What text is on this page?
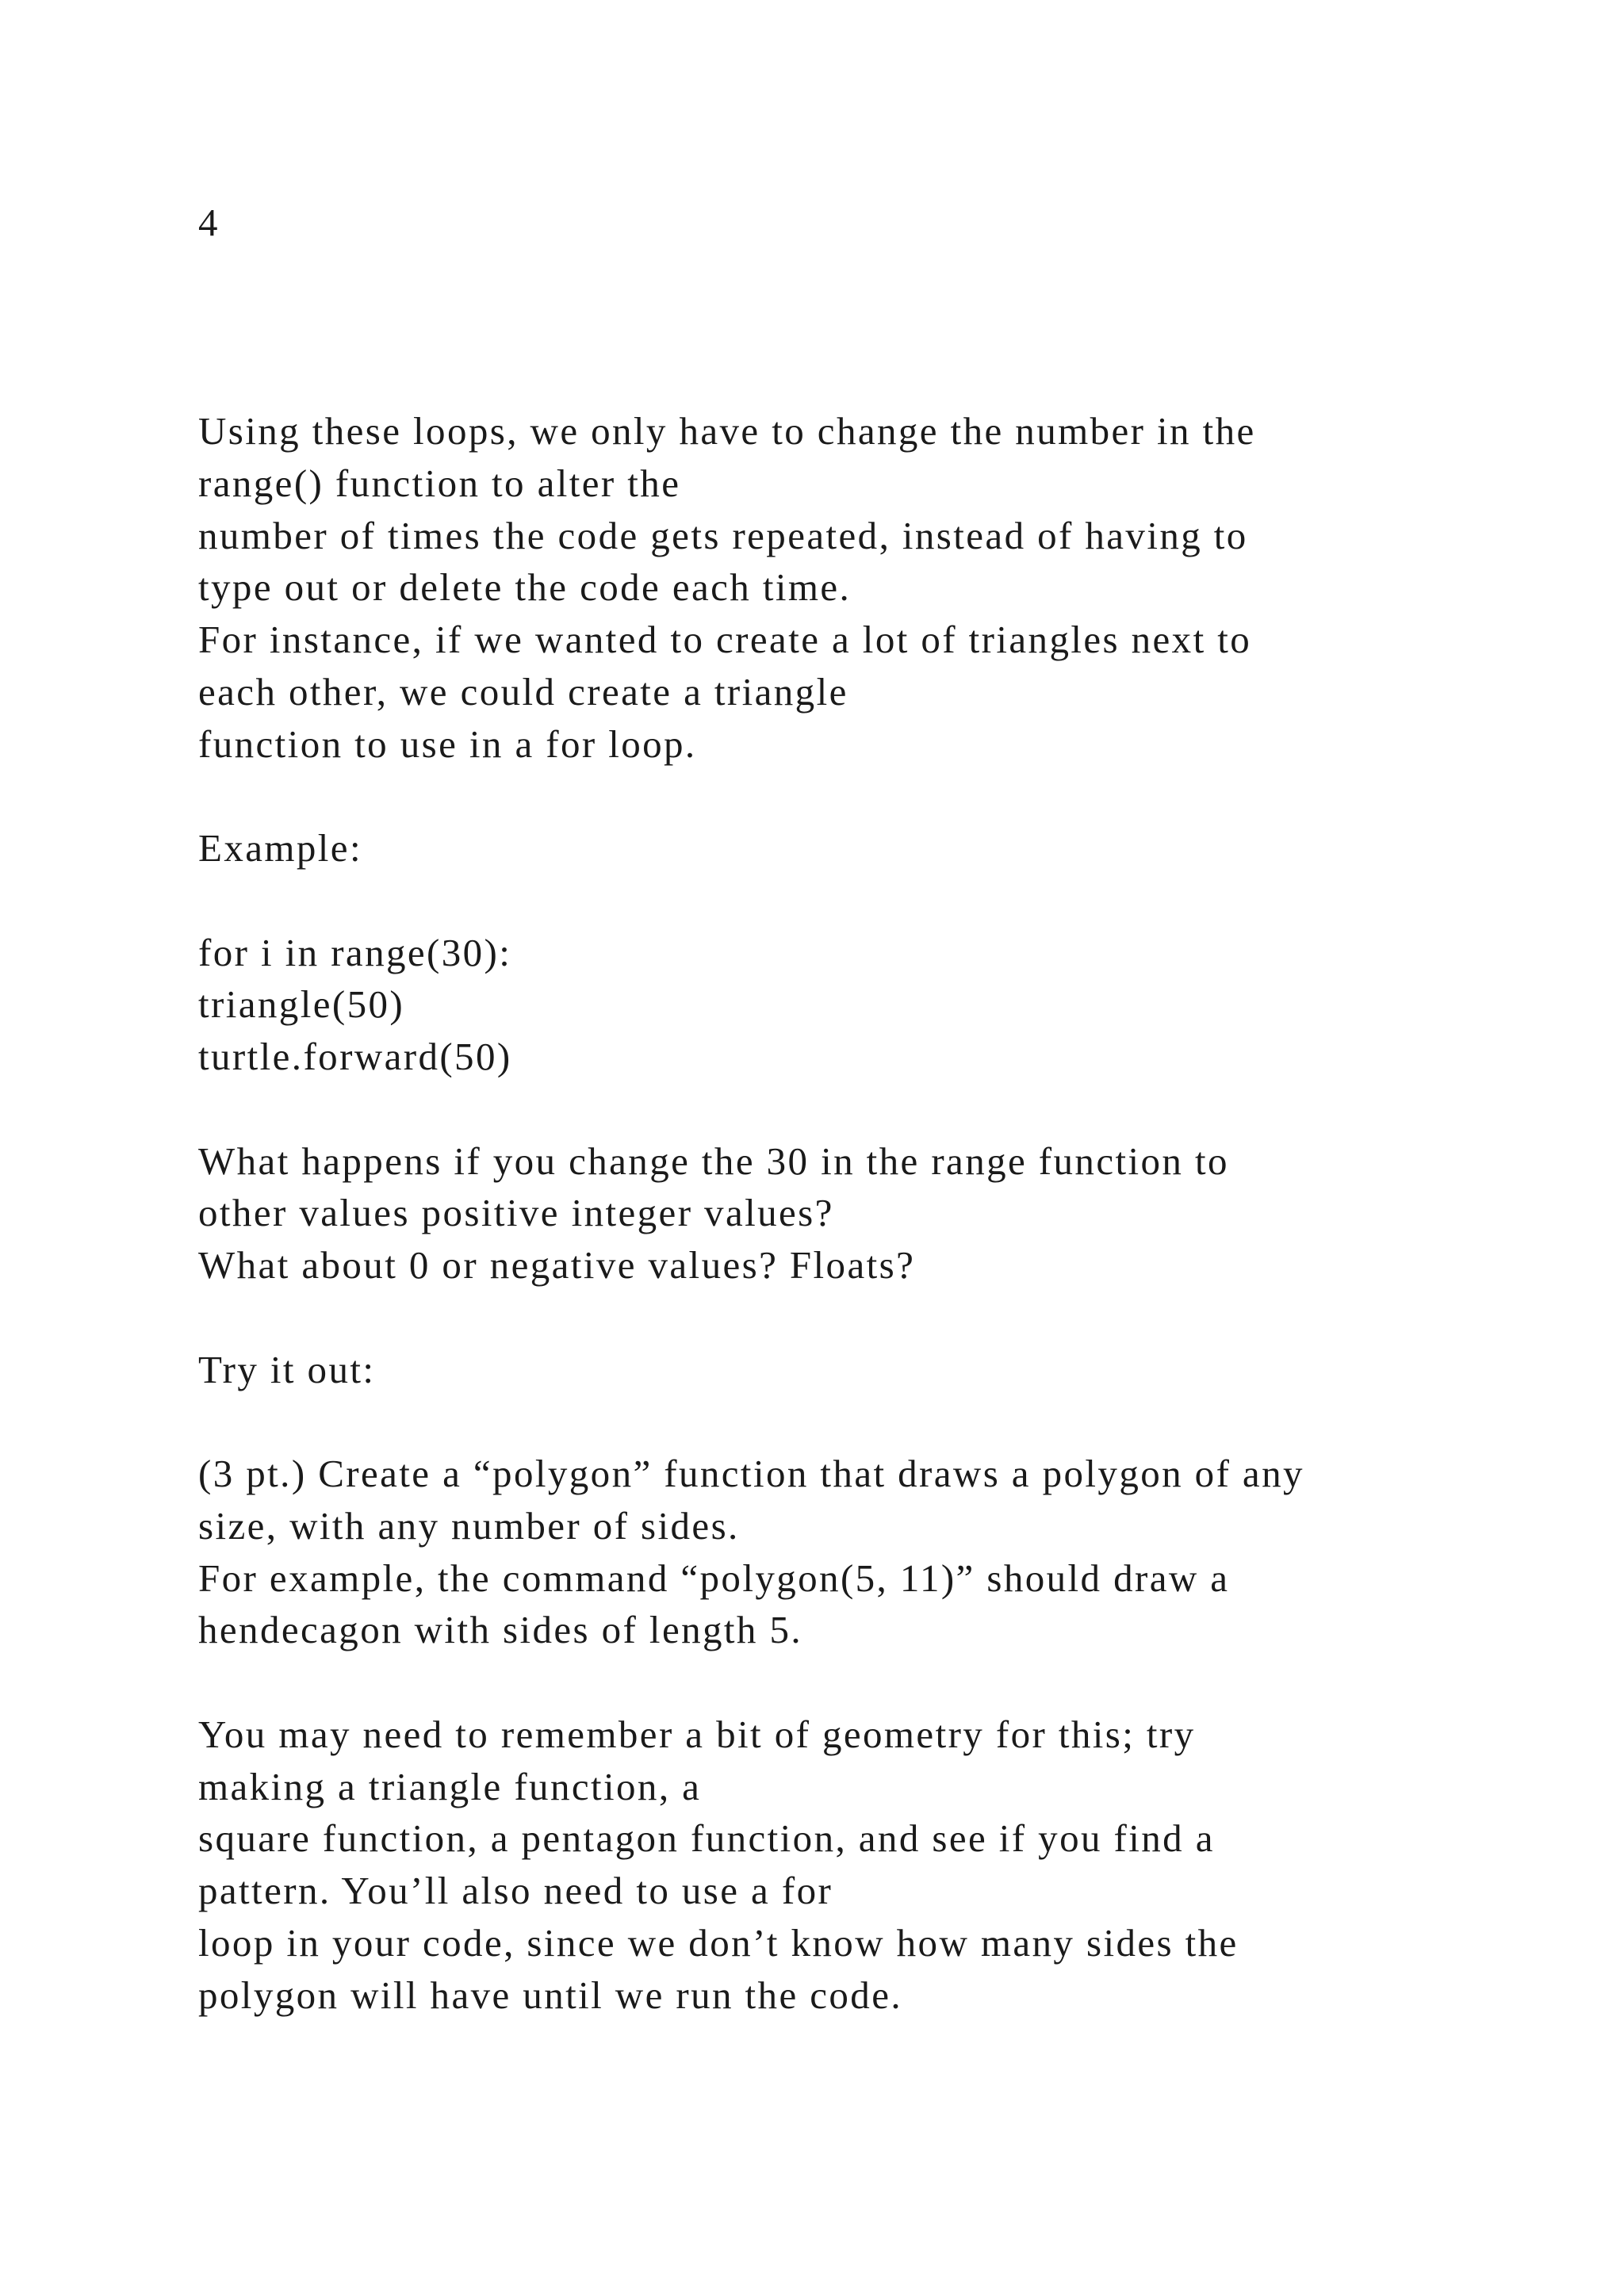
4

Using these loops, we only have to change the number in the
range() function to alter the
number of times the code gets repeated, instead of having to
type out or delete the code each time.
For instance, if we wanted to create a lot of triangles next to
each other, we could create a triangle
function to use in a for loop.
Example:
for i in range(30):
triangle(50)
turtle.forward(50)
What happens if you change the 30 in the range function to
other values positive integer values?
What about 0 or negative values? Floats?
Try it out:
(3 pt.) Create a “polygon” function that draws a polygon of any
size, with any number of sides.
For example, the command “polygon(5, 11)” should draw a
hendecagon with sides of length 5.
You may need to remember a bit of geometry for this; try
making a triangle function, a
square function, a pentagon function, and see if you find a
pattern. You’ll also need to use a for
loop in your code, since we don’t know how many sides the
polygon will have until we run the code.
